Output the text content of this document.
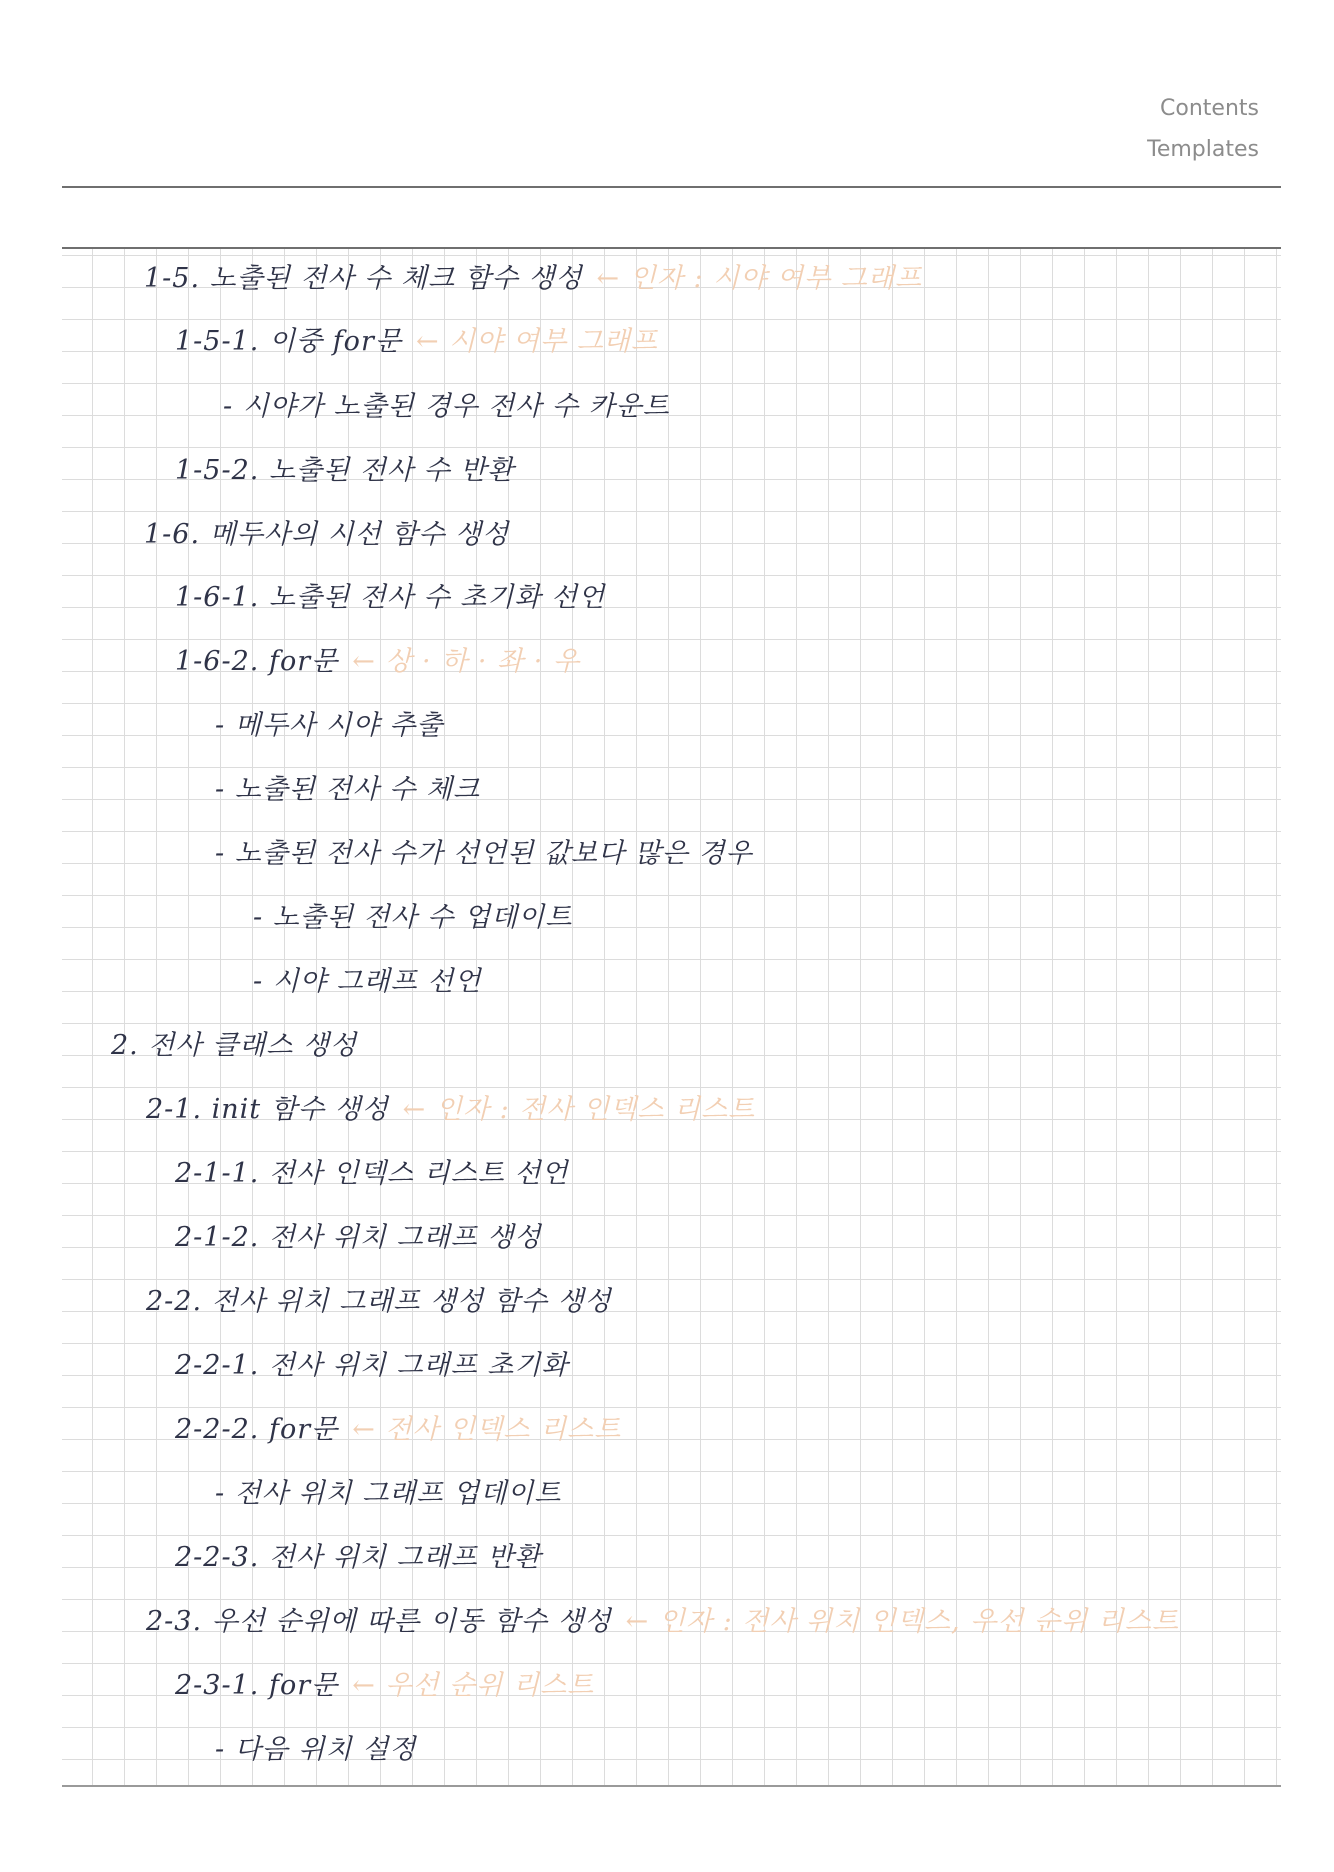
Contents
Templates
1-5. 노출된 전사 수 체크 함수 생성 ← 인자 : 시야 여부 그래프
1-5-1. 이중 for문 ← 시야 여부 그래프
- 시야가 노출된 경우 전사 수 카운트
1-5-2. 노출된 전사 수 반환
1-6. 메두사의 시선 함수 생성
1-6-1. 노출된 전사 수 초기화 선언
1-6-2. for문 ← 상 · 하 · 좌 · 우
- 메두사 시야 추출
- 노출된 전사 수 체크
- 노출된 전사 수가 선언된 값보다 많은 경우
- 노출된 전사 수 업데이트
- 시야 그래프 선언
2. 전사 클래스 생성
2-1. init 함수 생성 ← 인자 : 전사 인덱스 리스트
2-1-1. 전사 인덱스 리스트 선언
2-1-2. 전사 위치 그래프 생성
2-2. 전사 위치 그래프 생성 함수 생성
2-2-1. 전사 위치 그래프 초기화
2-2-2. for문 ← 전사 인덱스 리스트
- 전사 위치 그래프 업데이트
2-2-3. 전사 위치 그래프 반환
2-3. 우선 순위에 따른 이동 함수 생성 ← 인자 : 전사 위치 인덱스, 우선 순위 리스트
2-3-1. for문 ← 우선 순위 리스트
- 다음 위치 설정
